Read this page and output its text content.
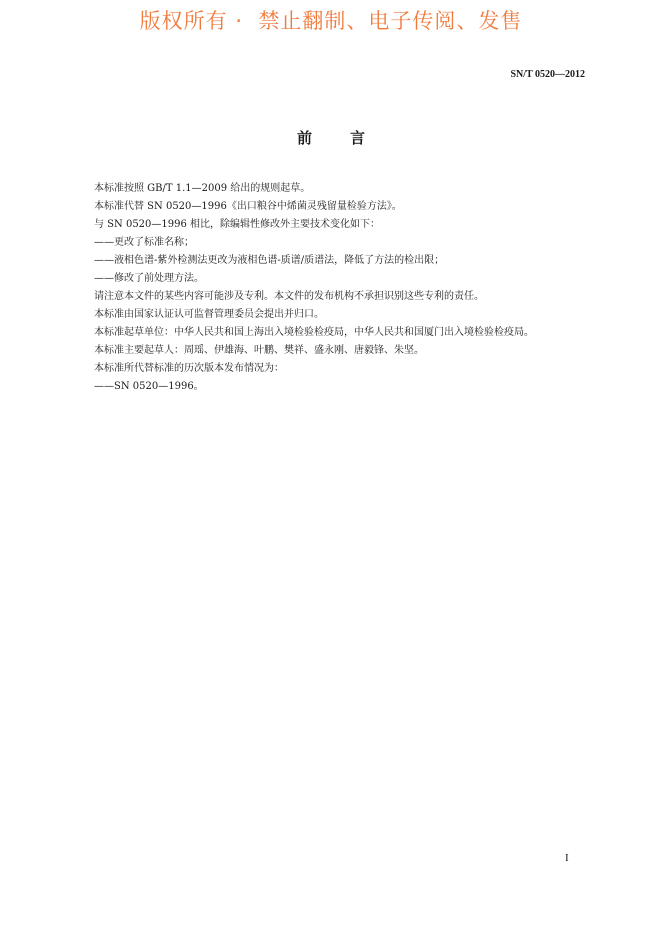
版权所有 ·  禁止翻制、电子传阅、发售
SN/T 0520—2012
前言

本标准按照 GB/T 1.1—2009 给出的规则起草。

本标准代替 SN 0520—1996《出口粮谷中烯菌灵残留量检验方法》。

与 SN 0520—1996 相比，除编辑性修改外主要技术变化如下：

——更改了标准名称；

——液相色谱-紫外检测法更改为液相色谱-质谱/质谱法，降低了方法的检出限；

——修改了前处理方法。

请注意本文件的某些内容可能涉及专利。本文件的发布机构不承担识别这些专利的责任。

本标准由国家认证认可监督管理委员会提出并归口。

本标准起草单位：中华人民共和国上海出入境检验检疫局，中华人民共和国厦门出入境检验检疫局。

本标准主要起草人：周瑶、伊雄海、叶鹏、樊祥、盛永刚、唐毅锋、朱坚。

本标准所代替标准的历次版本发布情况为：

——SN 0520—1996。

I
